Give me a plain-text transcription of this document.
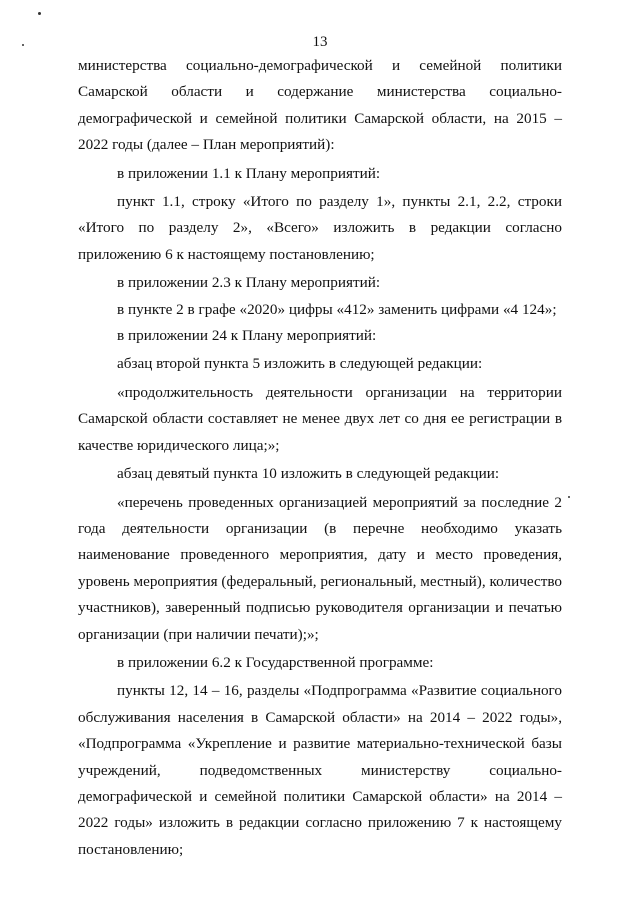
13

министерства социально-демографической и семейной политики Самарской области и содержание министерства социально-демографической и семейной политики Самарской области, на 2015 – 2022 годы (далее – План мероприятий):

в приложении 1.1 к Плану мероприятий:

пункт 1.1, строку «Итого по разделу 1», пункты 2.1, 2.2, строки «Итого по разделу 2», «Всего» изложить в редакции согласно приложению 6 к настоящему постановлению;

в приложении 2.3 к Плану мероприятий:

в пункте 2 в графе «2020» цифры «412» заменить цифрами «4 124»;

в приложении 24 к Плану мероприятий:

абзац второй пункта 5 изложить в следующей редакции:

«продолжительность деятельности организации на территории Самарской области составляет не менее двух лет со дня ее регистрации в качестве юридического лица;»;

абзац девятый пункта 10 изложить в следующей редакции:

«перечень проведенных организацией мероприятий за последние 2 года деятельности организации (в перечне необходимо указать наименование проведенного мероприятия, дату и место проведения, уровень мероприятия (федеральный, региональный, местный), количество участников), заверенный подписью руководителя организации и печатью организации (при наличии печати);»;

в приложении 6.2 к Государственной программе:

пункты 12, 14 – 16, разделы «Подпрограмма «Развитие социального обслуживания населения в Самарской области» на 2014 – 2022 годы», «Подпрограмма «Укрепление и развитие материально-технической базы учреждений, подведомственных министерству социально-демографической и семейной политики Самарской области» на 2014 – 2022 годы» изложить в редакции согласно приложению 7 к настоящему постановлению;
